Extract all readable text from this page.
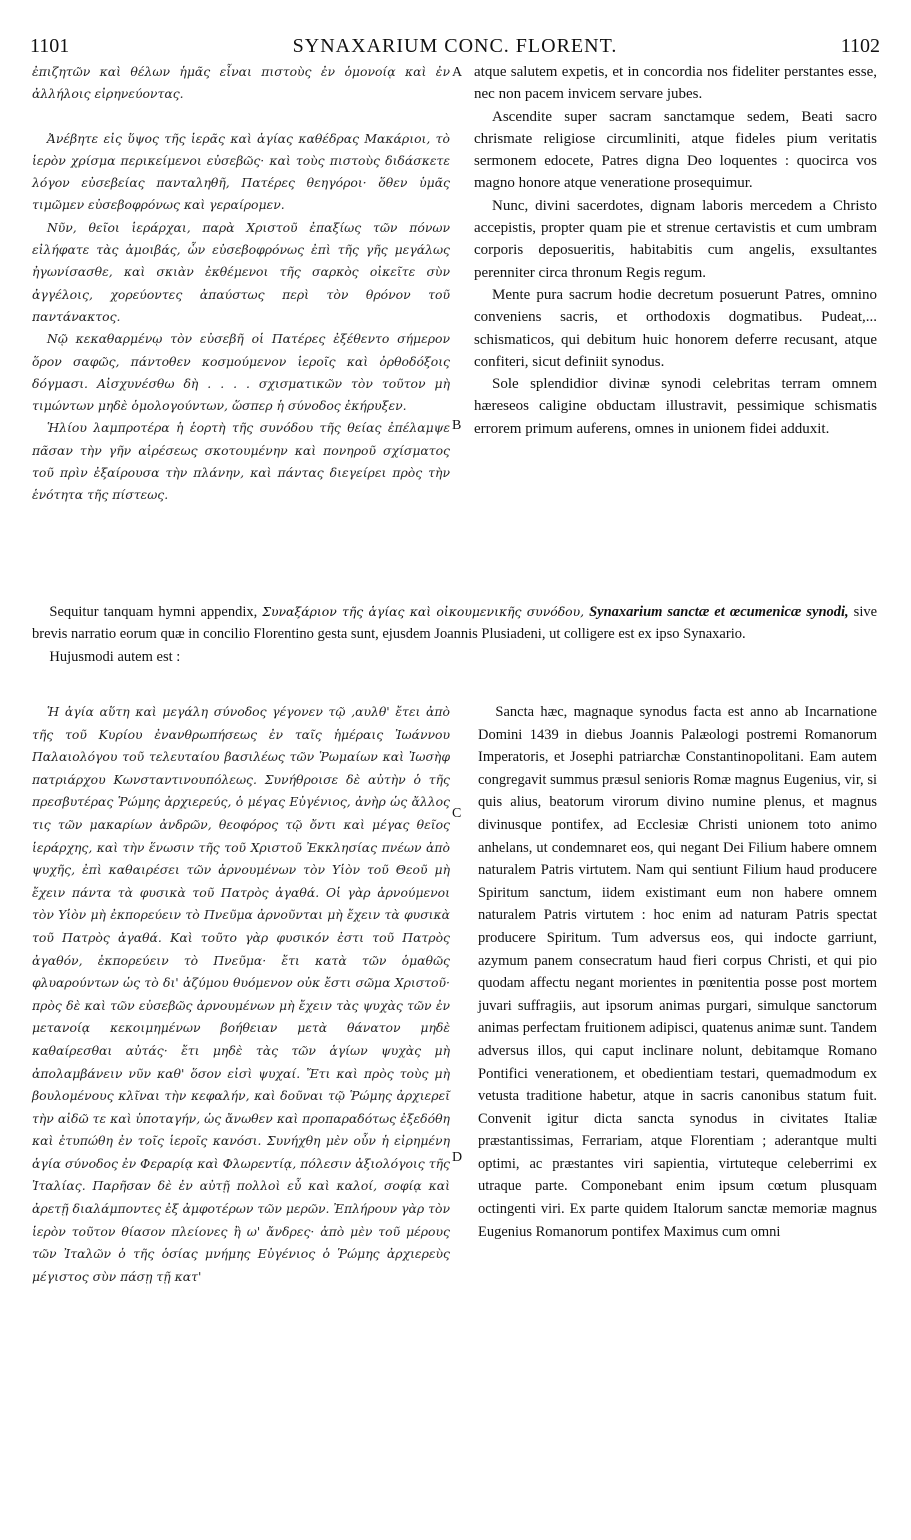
1101	SYNAXARIUM CONC. FLORENT.	1102

ἐπιζητῶν καὶ θέλων ἡμᾶς εἶναι πιστοὺς ἐν ὁμονοίᾳ καὶ ἐν ἀλλήλοις εἰρηνεύοντας.

Ἀνέβητε εἰς ὕψος τῆς ἱερᾶς καὶ ἁγίας καθέδρας Μακάριοι, τὸ ἱερὸν χρίσμα περικείμενοι εὐσεβῶς· καὶ τοὺς πιστοὺς διδάσκετε λόγον εὐσεβείας πανταληθῆ, Πατέρες θεηγόροι· ὅθεν ὑμᾶς τιμῶμεν εὐσεβοφρόνως καὶ γεραίρομεν.

Νῦν, θεῖοι ἱεράρχαι, παρὰ Χριστοῦ ἐπαξίως τῶν πόνων εἰλήφατε τὰς ἀμοιβάς, ὧν εὐσεβοφρόνως ἐπὶ τῆς γῆς μεγάλως ἠγωνίσασθε, καὶ σκιὰν ἐκθέμενοι τῆς σαρκὸς οἰκεῖτε σὺν ἀγγέλοις, χορεύοντες ἀπαύστως περὶ τὸν θρόνον τοῦ παντάνακτος.

Νῷ κεκαθαρμένῳ τὸν εὐσεβῆ οἱ Πατέρες ἐξέθεντο σήμερον ὅρον σαφῶς, πάντοθεν κοσμούμενον ἱεροῖς καὶ ὀρθοδόξοις δόγμασι. Αἰσχυνέσθω δὴ . . . . σχισματικῶν τὸν τοῦτον μὴ τιμώντων μηδὲ ὁμολογούντων, ὥσπερ ἡ σύνοδος ἐκήρυξεν.

Ἡλίου λαμπροτέρα ἡ ἑορτὴ τῆς συνόδου τῆς θείας ἐπέλαμψε πᾶσαν τὴν γῆν αἱρέσεως σκοτουμένην καὶ πονηροῦ σχίσματος τοῦ πρὶν ἐξαίρουσα τὴν πλάνην, καὶ πάντας διεγείρει πρὸς τὴν ἑνότητα τῆς πίστεως.

atque salutem expetis, et in concordia nos fideliter perstantes esse, nec non pacem invicem servare jubes.

Ascendite super sacram sanctamque sedem, Beati sacro chrismate religiose circumliniti, atque fideles pium veritatis sermonem edocete, Patres digna Deo loquentes : quocirca vos magno honore atque veneratione prosequimur.

Nunc, divini sacerdotes, dignam laboris mercedem a Christo accepistis, propter quam pie et strenue certavistis et cum umbram corporis deposueritis, habitabitis cum angelis, exsultantes perenniter circa thronum Regis regum.

Mente pura sacrum hodie decretum posuerunt Patres, omnino conveniens sacris, et orthodoxis dogmatibus. Pudeat,... schismaticos, qui debitum huic honorem deferre recusant, atque confiteri, sicut definiit synodus.

Sole splendidior divinæ synodi celebritas terram omnem hæreseos caligine obductam illustravit, pessimique schismatis errorem primum auferens, omnes in unionem fidei adduxit.

A
B
C
D

Sequitur tanquam hymni appendix, Συναξάριον τῆς ἁγίας καὶ οἰκουμενικῆς συνόδου, Synaxarium sanctæ et œcumenicæ synodi, sive brevis narratio eorum quæ in concilio Florentino gesta sunt, ejusdem Joannis Plusiadeni, ut colligere est ex ipso Synaxario.

Hujusmodi autem est :

Ἡ ἁγία αὕτη καὶ μεγάλη σύνοδος γέγονεν τῷ ‚αυλθ' ἔτει ἀπὸ τῆς τοῦ Κυρίου ἐνανθρωπήσεως ἐν ταῖς ἡμέραις Ἰωάννου Παλαιολόγου τοῦ τελευταίου βασιλέως τῶν Ῥωμαίων καὶ Ἰωσὴφ πατριάρχου Κωνσταντινουπόλεως. Συνήθροισε δὲ αὐτὴν ὁ τῆς πρεσβυτέρας Ῥώμης ἀρχιερεύς, ὁ μέγας Εὐγένιος, ἀνὴρ ὡς ἄλλος τις τῶν μακαρίων ἀνδρῶν, θεοφόρος τῷ ὄντι καὶ μέγας θεῖος ἱεράρχης, καὶ τὴν ἕνωσιν τῆς τοῦ Χριστοῦ Ἐκκλησίας πνέων ἀπὸ ψυχῆς, ἐπὶ καθαιρέσει τῶν ἀρνουμένων τὸν Υἱὸν τοῦ Θεοῦ μὴ ἔχειν πάντα τὰ φυσικὰ τοῦ Πατρὸς ἀγαθά. Οἱ γὰρ ἀρνούμενοι τὸν Υἱὸν μὴ ἐκπορεύειν τὸ Πνεῦμα ἀρνοῦνται μὴ ἔχειν τὰ φυσικὰ τοῦ Πατρὸς ἀγαθά. Καὶ τοῦτο γὰρ φυσικόν ἐστι τοῦ Πατρὸς ἀγαθόν, ἐκπορεύειν τὸ Πνεῦμα· ἔτι κατὰ τῶν ὁμαθῶς φλυαρούντων ὡς τὸ δι' ἀζύμου θυόμενον οὐκ ἔστι σῶμα Χριστοῦ· πρὸς δὲ καὶ τῶν εὐσεβῶς ἀρνουμένων μὴ ἔχειν τὰς ψυχὰς τῶν ἐν μετανοίᾳ κεκοιμημένων βοήθειαν μετὰ θάνατον μηδὲ καθαίρεσθαι αὐτάς· ἔτι μηδὲ τὰς τῶν ἁγίων ψυχὰς μὴ ἀπολαμβάνειν νῦν καθ' ὅσον εἰσὶ ψυχαί. Ἔτι καὶ πρὸς τοὺς μὴ βουλομένους κλῖναι τὴν κεφαλήν, καὶ δοῦναι τῷ Ῥώμης ἀρχιερεῖ τὴν αἰδῶ τε καὶ ὑποταγήν, ὡς ἄνωθεν καὶ προπαραδότως ἐξεδόθη καὶ ἐτυπώθη ἐν τοῖς ἱεροῖς κανόσι. Συνήχθη μὲν οὖν ἡ εἰρημένη ἁγία σύνοδος ἐν Φεραρίᾳ καὶ Φλωρεντίᾳ, πόλεσιν ἀξιολόγοις τῆς Ἰταλίας. Παρῆσαν δὲ ἐν αὐτῇ πολλοὶ εὖ καὶ καλοί, σοφίᾳ καὶ ἀρετῇ διαλάμποντες ἐξ ἀμφοτέρων τῶν μερῶν. Ἐπλήρουν γὰρ τὸν ἱερὸν τοῦτον θίασον πλείονες ἢ ω' ἄνδρες· ἀπὸ μὲν τοῦ μέρους τῶν Ἰταλῶν ὁ τῆς ὁσίας μνήμης Εὐγένιος ὁ Ῥώμης ἀρχιερεὺς μέγιστος σὺν πάσῃ τῇ κατ'

Sancta hæc, magnaque synodus facta est anno ab Incarnatione Domini 1439 in diebus Joannis Palæologi postremi Romanorum Imperatoris, et Josephi patriarchæ Constantinopolitani. Eam autem congregavit summus præsul senioris Romæ magnus Eugenius, vir, si quis alius, beatorum virorum divino numine plenus, et magnus divinusque pontifex, ad Ecclesiæ Christi unionem toto animo anhelans, ut condemnaret eos, qui negant Dei Filium habere omnem naturalem Patris virtutem. Nam qui sentiunt Filium haud producere Spiritum sanctum, iidem existimant eum non habere omnem naturalem Patris virtutem : hoc enim ad naturam Patris spectat producere Spiritum. Tum adversus eos, qui indocte garriunt, azymum panem consecratum haud fieri corpus Christi, et qui pio quodam affectu negant morientes in pœnitentia posse post mortem juvari suffragiis, aut ipsorum animas purgari, simulque sanctorum animas perfectam fruitionem adipisci, quatenus animæ sunt. Tandem adversus illos, qui caput inclinare nolunt, debitamque Romano Pontifici venerationem, et obedientiam testari, quemadmodum ex vetusta traditione habetur, atque in sacris canonibus statum fuit. Convenit igitur dicta sancta synodus in civitates Italiæ præstantissimas, Ferrariam, atque Florentiam ; aderantque multi optimi, ac præstantes viri sapientia, virtuteque celeberrimi ex utraque parte. Componebant enim ipsum cœtum plusquam octingenti viri. Ex parte quidem Italorum sanctæ memoriæ magnus Eugenius Romanorum pontifex Maximus cum omni
